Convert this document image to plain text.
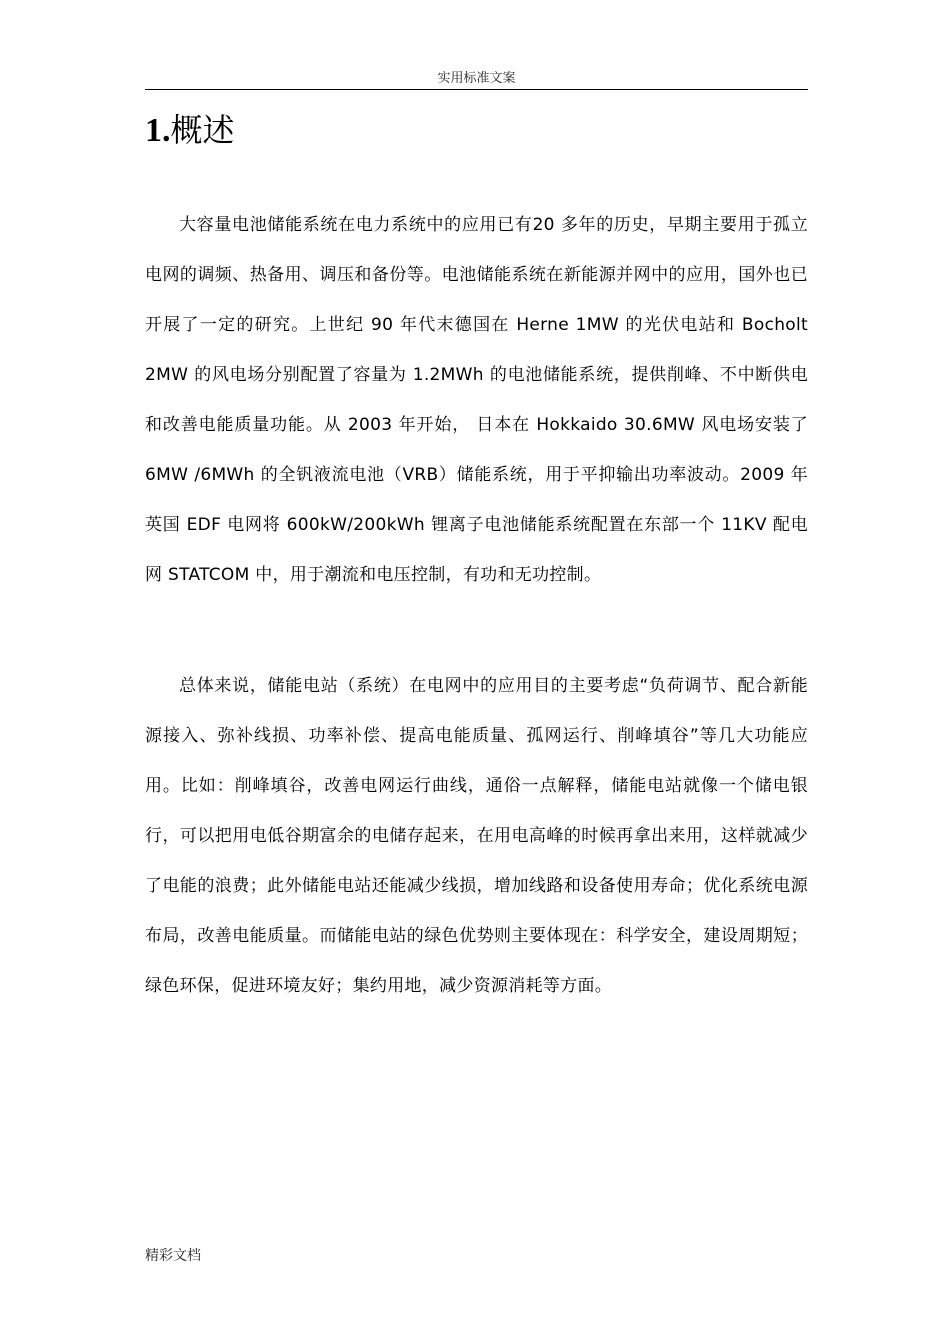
实用标准文案
1.概述

大容量电池储能系统在电力系统中的应用已有20 多年的历史，早期主要用于孤立电网的调频、热备用、调压和备份等。电池储能系统在新能源并网中的应用，国外也已开展了一定的研究。上世纪 90 年代末德国在 Herne 1MW 的光伏电站和 Bocholt 2MW 的风电场分别配置了容量为 1.2MWh 的电池储能系统，提供削峰、不中断供电和改善电能质量功能。从 2003 年开始， 日本在 Hokkaido 30.6MW 风电场安装了 6MW /6MWh 的全钒液流电池（VRB）储能系统，用于平抑输出功率波动。2009 年英国 EDF 电网将 600kW/200kWh 锂离子电池储能系统配置在东部一个 11KV 配电网 STATCOM 中，用于潮流和电压控制，有功和无功控制。

总体来说，储能电站（系统）在电网中的应用目的主要考虑“负荷调节、配合新能源接入、弥补线损、功率补偿、提高电能质量、孤网运行、削峰填谷”等几大功能应用。比如：削峰填谷，改善电网运行曲线，通俗一点解释，储能电站就像一个储电银行，可以把用电低谷期富余的电储存起来，在用电高峰的时候再拿出来用，这样就减少了电能的浪费；此外储能电站还能减少线损，增加线路和设备使用寿命；优化系统电源布局，改善电能质量。而储能电站的绿色优势则主要体现在：科学安全，建设周期短；绿色环保，促进环境友好；集约用地，减少资源消耗等方面。

精彩文档
